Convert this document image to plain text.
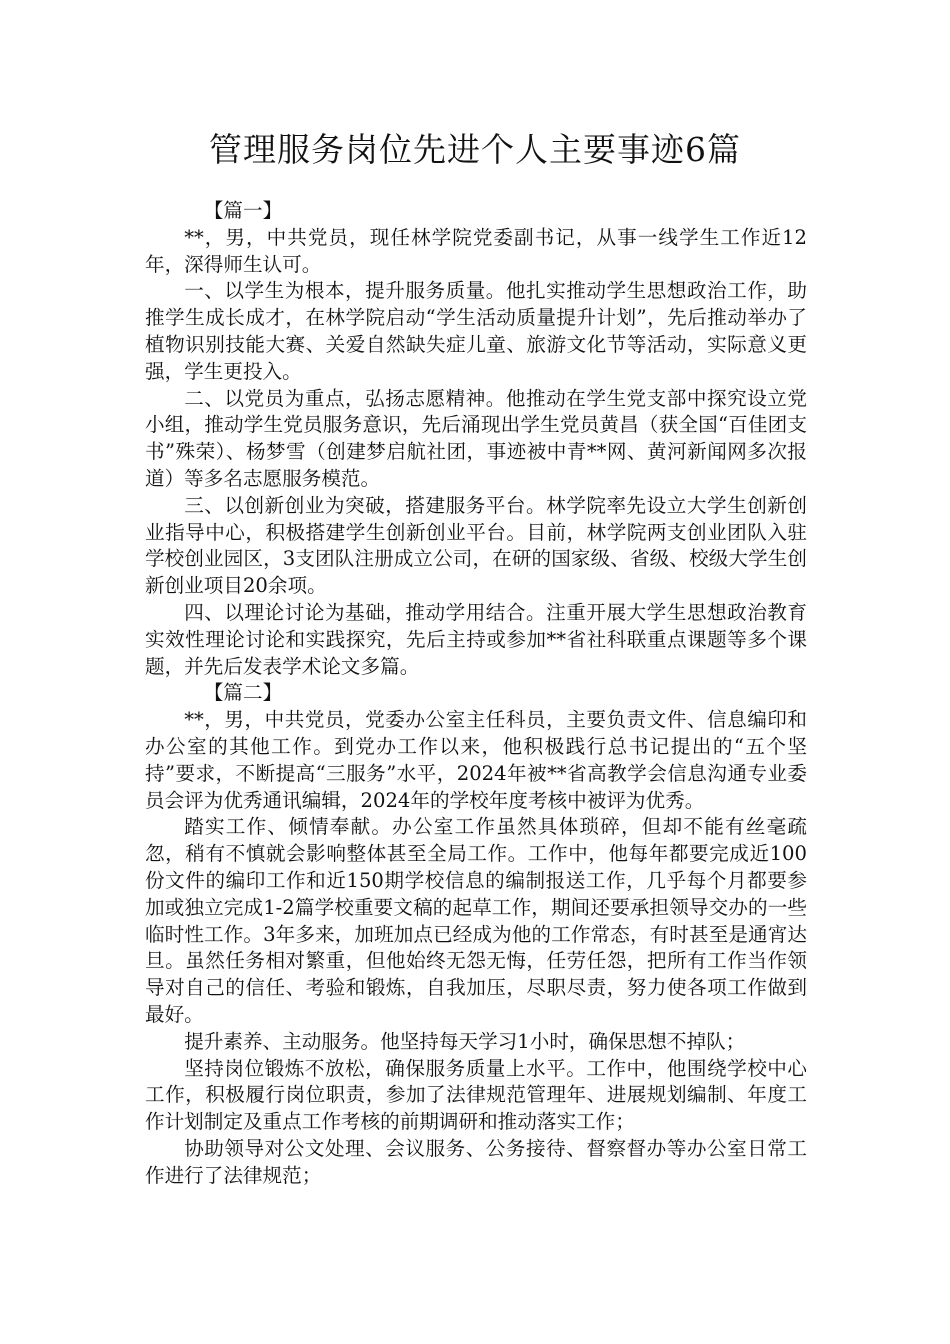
管理服务岗位先进个人主要事迹6篇

【篇一】

**，男，中共党员，现任林学院党委副书记，从事一线学生工作近12年，深得师生认可。

一、以学生为根本，提升服务质量。他扎实推动学生思想政治工作，助推学生成长成才，在林学院启动“学生活动质量提升计划”，先后推动举办了植物识别技能大赛、关爱自然缺失症儿童、旅游文化节等活动，实际意义更强，学生更投入。

二、以党员为重点，弘扬志愿精神。他推动在学生党支部中探究设立党小组，推动学生党员服务意识，先后涌现出学生党员黄昌（获全国“百佳团支书”殊荣）、杨梦雪（创建梦启航社团，事迹被中青**网、黄河新闻网多次报道）等多名志愿服务模范。

三、以创新创业为突破，搭建服务平台。林学院率先设立大学生创新创业指导中心，积极搭建学生创新创业平台。目前，林学院两支创业团队入驻学校创业园区，3支团队注册成立公司，在研的国家级、省级、校级大学生创新创业项目20余项。

四、以理论讨论为基础，推动学用结合。注重开展大学生思想政治教育实效性理论讨论和实践探究，先后主持或参加**省社科联重点课题等多个课题，并先后发表学术论文多篇。

【篇二】

**，男，中共党员，党委办公室主任科员，主要负责文件、信息编印和办公室的其他工作。到党办工作以来，他积极践行总书记提出的“五个坚持”要求，不断提高“三服务”水平，2024年被**省高教学会信息沟通专业委员会评为优秀通讯编辑，2024年的学校年度考核中被评为优秀。

踏实工作、倾情奉献。办公室工作虽然具体琐碎，但却不能有丝毫疏忽，稍有不慎就会影响整体甚至全局工作。工作中，他每年都要完成近100份文件的编印工作和近150期学校信息的编制报送工作，几乎每个月都要参加或独立完成1-2篇学校重要文稿的起草工作，期间还要承担领导交办的一些临时性工作。3年多来，加班加点已经成为他的工作常态，有时甚至是通宵达旦。虽然任务相对繁重，但他始终无怨无悔，任劳任怨，把所有工作当作领导对自己的信任、考验和锻炼，自我加压，尽职尽责，努力使各项工作做到最好。

提升素养、主动服务。他坚持每天学习1小时，确保思想不掉队；

坚持岗位锻炼不放松，确保服务质量上水平。工作中，他围绕学校中心工作，积极履行岗位职责，参加了法律规范管理年、进展规划编制、年度工作计划制定及重点工作考核的前期调研和推动落实工作；

协助领导对公文处理、会议服务、公务接待、督察督办等办公室日常工作进行了法律规范；
